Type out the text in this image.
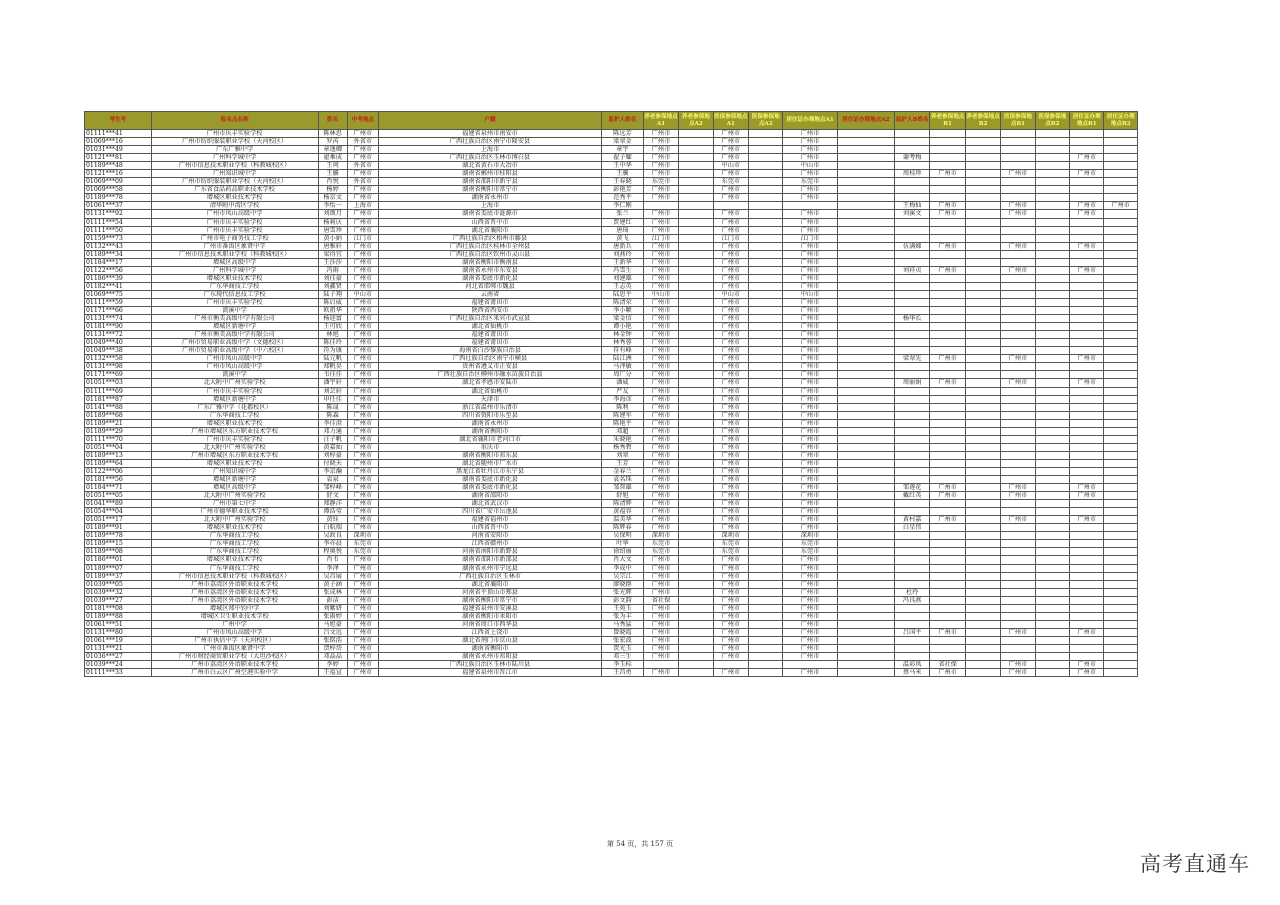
考生号	报名点名称	姓名	中考地点	户籍	监护人姓名	养老参保地点A1	养老参保地点A2	医保参保地点A1	医保参保地点A2	居住证办理地点A1	居住证办理地点A2	监护人B姓名	养老参保地点B1	养老参保地点B2	医保参保地点B1	医保参保地点B2	居住证办理地点B1	居住证办理地点B2
01111***41	广州市庆丰实验学校	陈林思	广州市	福建省泉州市南安市	陈远芳	广州市		广州市		广州市								
01069***16	广州市纺织服装职业学校（天河校区）	罗芮	外省市	广西壮族自治区南宁市隆安县	梁翠金	广州市		广州市		广州市								
01031***49	广东广雅中学	章逸卿	广州市	上海市	章宇	广州市		广州市		广州市								
01121***81	广州科学城中学	翟乘成	广州市	广西壮族自治区玉林市博白县	翟子耀	广州市		广州市		广州市		谢考梅					广州市	
01189***48	广州市信息技术职业学校（科教城校区）	王珂	外省市	湖北省黄石市大冶市	王中华	广州市		中山市		中山市								
01121***16	广州知识城中学	王騰	广州市	湖南省郴州市桂阳县	王騰	广州市		广州市		广州市		周桂珍	广州市		广州市		广州市	
01069***09	广州市纺织服装职业学校（天河校区）	肖悦	外省市	湖南省邵阳市新宁县	王春晓	东莞市		东莞市		东莞市								
01069***58	广东省食品药品职业技术学校	杨婷	广州市	湖南省衡阳市常宁市	彭艳芳	广州市		广州市		广州市								
01189***78	增城区职业技术学校	杨京文	广州市	湖南省永州市	范秀平	广州市		广州市		广州市								
01061***37	清华附中湾区学校	李怡一	上海市	上海市	李仁刚							王梅仙	广州市		广州市		广州市	广州市
01131***92	广州市凤山高级中学	刘颂月	广州市	湖南省娄底市涟源市	张兰	广州市		广州市		广州市		刘溪文	广州市		广州市		广州市	
01111***54	广州市庆丰实验学校	杨莉庆	广州市	山西省晋中市	贾建红	广州市		广州市		广州市								
01111***50	广州市庆丰实验学校	唐雪珍	广州市	湖北省襄阳市	唐琦	广州市		广州市		广州市								
01159***73	广州市电子商务技工学校	黄小娟	江门市	广西壮族自治区梧州市藤县	黄飞	江门市		江门市		江门市								
01132***43	广州市番禺区象贤中学	唐雅轩	广州市	广西壮族自治区桂林市全州县	唐新兵	广州市		广州市		广州市		伍满娣	广州市		广州市		广州市	
01189***34	广州市信息技术职业学校（科教城校区）	梁得宜	广州市	广西壮族自治区钦州市灵山县	刘燕玲	广州市		广州市		广州市								
01184***17	增城区高级中学	王莎莎	广州市	湖南省衡阳市衡南县	王新华	广州市		广州市		广州市								
01122***56	广州科学城中学	冯雨	广州市	湖南省永州市东安县	冯雪生	广州市		广州市		广州市		刘祥贞	广州市		广州市		广州市	
01186***39	增城区职业技术学校	刘佳豪	广州市	湖南省娄底市新化县	刘建雄	广州市		广州市		广州市								
01182***41	广东华商技工学校	刘鑫贤	广州市	河北省邯郸市魏县	王志英	广州市		广州市		广州市								
01069***75	广东现代信息技工学校	陆子翔	中山市	云南省	陆思平	中山市		中山市		中山市								
01111***59	广州市庆丰实验学校	陈启威	广州市	福建省莆田市	陈清荣	广州市		广州市		广州市								
01171***66	流溪中学	欧祖华	广州市	陕西省西安市	李小颖	广州市		广州市		广州市								
01131***74	广州市衡美高级中学有限公司	杨迎富	广州市	广西壮族自治区来宾市武宣县	梁金信	广州市		广州市		广州市		杨华长						
01181***90	增城区新塘中学	王可欣	广州市	湖北省仙桃市	谭小艳	广州市		广州市		广州市								
01131***72	广州市衡美高级中学有限公司	林旭	广州市	福建省莆田市	林金钟	广州市		广州市		广州市								
01049***40	广州市贸易职业高级中学（文德校区）	陈佳玲	广州市	福建省莆田市	林秀蓉	广州市		广州市		广州市								
01049***38	广州市贸易职业高级中学（中六校区）	符为康	广州市	海南省白沙黎族自治县	符有峰	广州市		广州市		广州市								
01132***58	广州市凤山高级中学	陆元帆	广州市	广西壮族自治区南宁市横县	陆江洲	广州市		广州市		广州市		梁翠先	广州市		广州市		广州市	
01131***98	广州市凤山高级中学	郑帆昊	广州市	贵州省遵义市正安县	马泽敏	广州市		广州市		广州市								
01171***69	流溪中学	韦佳佳	广州市	广西壮族自治区柳州市融水苗族自治县	周广分	广州市		广州市		广州市								
01051***03	北大附中广州实验学校	潘宇轩	广州市	湖北省孝感市安陆市	潘威	广州市		广州市		广州市		周丽娟	广州市		广州市		广州市	
01111***69	广州市庆丰实验学校	刘芸轩	广州市	湖北省仙桃市	严友	广州市		广州市		广州市								
01181***87	增城区新塘中学	申任佳	广州市	天津市	李海彦	广州市		广州市		广州市								
01141***88	广东广雅中学（花都校区）	陈晟	广州市	浙江省温州市乐清市	陈利	广州市		广州市		广州市								
01189***68	广东华商技工学校	陈森	广州市	四川省资阳市乐至县	陈建军	广州市		广州市		广州市								
01189***21	增城区职业技术学校	李佳澄	广州市	湖南省永州市	陈艳平	广州市		广州市		广州市								
01189***29	广州市增城区东方职业技术学校	邓力通	广州市	湖南省衡阳市	邓超	广州市		广州市		广州市								
01111***70	广州市庆丰实验学校	汪子帆	广州市	湖北省襄阳市老河口市	朱晓艳	广州市		广州市		广州市								
01051***04	北大附中广州实验学校	黄嘉灿	广州市	重庆市	杨秀碧	广州市		广州市		广州市								
01189***13	广州市增城区东方职业技术学校	刘梓豪	广州市	湖南省衡阳市祁东县	刘翠	广州市		广州市		广州市								
01189***64	增城区职业技术学校	付晓天	广州市	湖北省随州市广水市	王芳	广州市		广州市		广州市								
01122***06	广州知识城中学	李京瀚	广州市	黑龙江省牡丹江市东宁县	金春兰	广州市		广州市		广州市								
01181***56	增城区新塘中学	袁泉	广州市	湖南省娄底市新化县	袁名珠	广州市		广州市		广州市								
01184***71	增城区高级中学	邹梓峰	广州市	湖南省娄底市新化县	邹智雄	广州市		广州市		广州市		邹莲花	广州市		广州市		广州市	
01051***05	北大附中广州实验学校	舒文	广州市	湖南省邵阳市	舒旭	广州市		广州市		广州市		戴红英	广州市		广州市		广州市	
01041***89	广州市第七中学	郑静洋	广州市	湖北省武汉市	陈清辉	广州市		广州市		广州市								
01054***04	广州市德华职业技术学校	谭浩莹	广州市	四川省广安市岳池县	黄福容	广州市		广州市		广州市								
01051***17	北大附中广州实验学校	黄钰	广州市	福建省福州市	温美华	广州市		广州市		广州市		黄村嘉	广州市		广州市		广州市	
01189***91	增城区职业技术学校	白航瑞	广州市	山西省晋中市	陈辉春	广州市		广州市		广州市		白星伟						
01189***78	广东华商技工学校	吴政良	深圳市	河南省安阳市	吴保明	深圳市		深圳市		深圳市								
01189***15	广东华商技工学校	李亦晨	东莞市	江西省赣州市	叶华	东莞市		东莞市		东莞市								
01189***08	广东华商技工学校	程奥悦	东莞市	河南省南阳市新野县	徐绍丽	东莞市		东莞市		东莞市								
01186***01	增城区职业技术学校	肖韦	广州市	湖南省邵阳市新邵县	肖大文	广州市		广州市		广州市								
01189***07	广东华商技工学校	李泽	广州市	湖南省永州市宁远县	李成中	广州市		广州市		广州市								
01189***37	广州市信息技术职业学校（科教城校区）	吴昌展	广州市	广西壮族自治区玉林市	吴宗江	广州市		广州市		广州市								
01039***05	广州市荔湾区外语职业技术学校	黄子涵	广州市	湖北省襄阳市	廖晓群	广州市		广州市		广州市								
01039***32	广州市荔湾区外语职业技术学校	张成林	广州市	河南省平顶山市郏县	张光辉	广州市		广州市		广州市		杜玲						
01039***27	广州市荔湾区外语职业技术学校	彭洁	广州市	湖南省衡阳市常宁市	彭文韵	省社保		广州市		广州市		冯良燕						
01181***08	增城区郑中钧中学	刘紫妍	广州市	福建省泉州市安溪县	王苑玉	广州市		广州市		广州市								
01189***88	增城区卫生职业技术学校	张雨婷	广州市	湖南省衡阳市耒阳市	张为丰	广州市		广州市		广州市								
01061***51	广州中学	马旭豪	广州市	河南省周口市西华县	马秀猛	广州市		广州市		广州市								
01131***80	广州市凤山高级中学	吕文远	广州市	江西省上饶市	曾晓霞	广州市		广州市		广州市		吕国平	广州市		广州市		广州市	
01061***19	广州市执信中学（天河校区）	张铭浩	广州市	湖北省荆门市京山县	张宏波	广州市		广州市		广州市								
01131***21	广州市番禺区象贤中学	贺梓岱	广州市	湖南省衡阳市	贺光玉	广州市		广州市		广州市								
01036***27	广州市财经商贸职业学校（大坦沙校区）	邓晶晶	广州市	湖南省永州市祁阳县	邓三生	广州市		广州市		广州市								
01039***24	广州市荔湾区外语职业技术学校	李婷	广州市	广西壮族自治区玉林市陆川县	李玉标							温彩凤	省社保		广州市		广州市	
01111***33	广州市白云区广州空港实验中学	王福宣	广州市	福建省泉州市晋江市	王昌勇	广州市		广州市		广州市		蔡马米	广州市		广州市		广州市	
第 54 页，共 157 页
高考直通车
